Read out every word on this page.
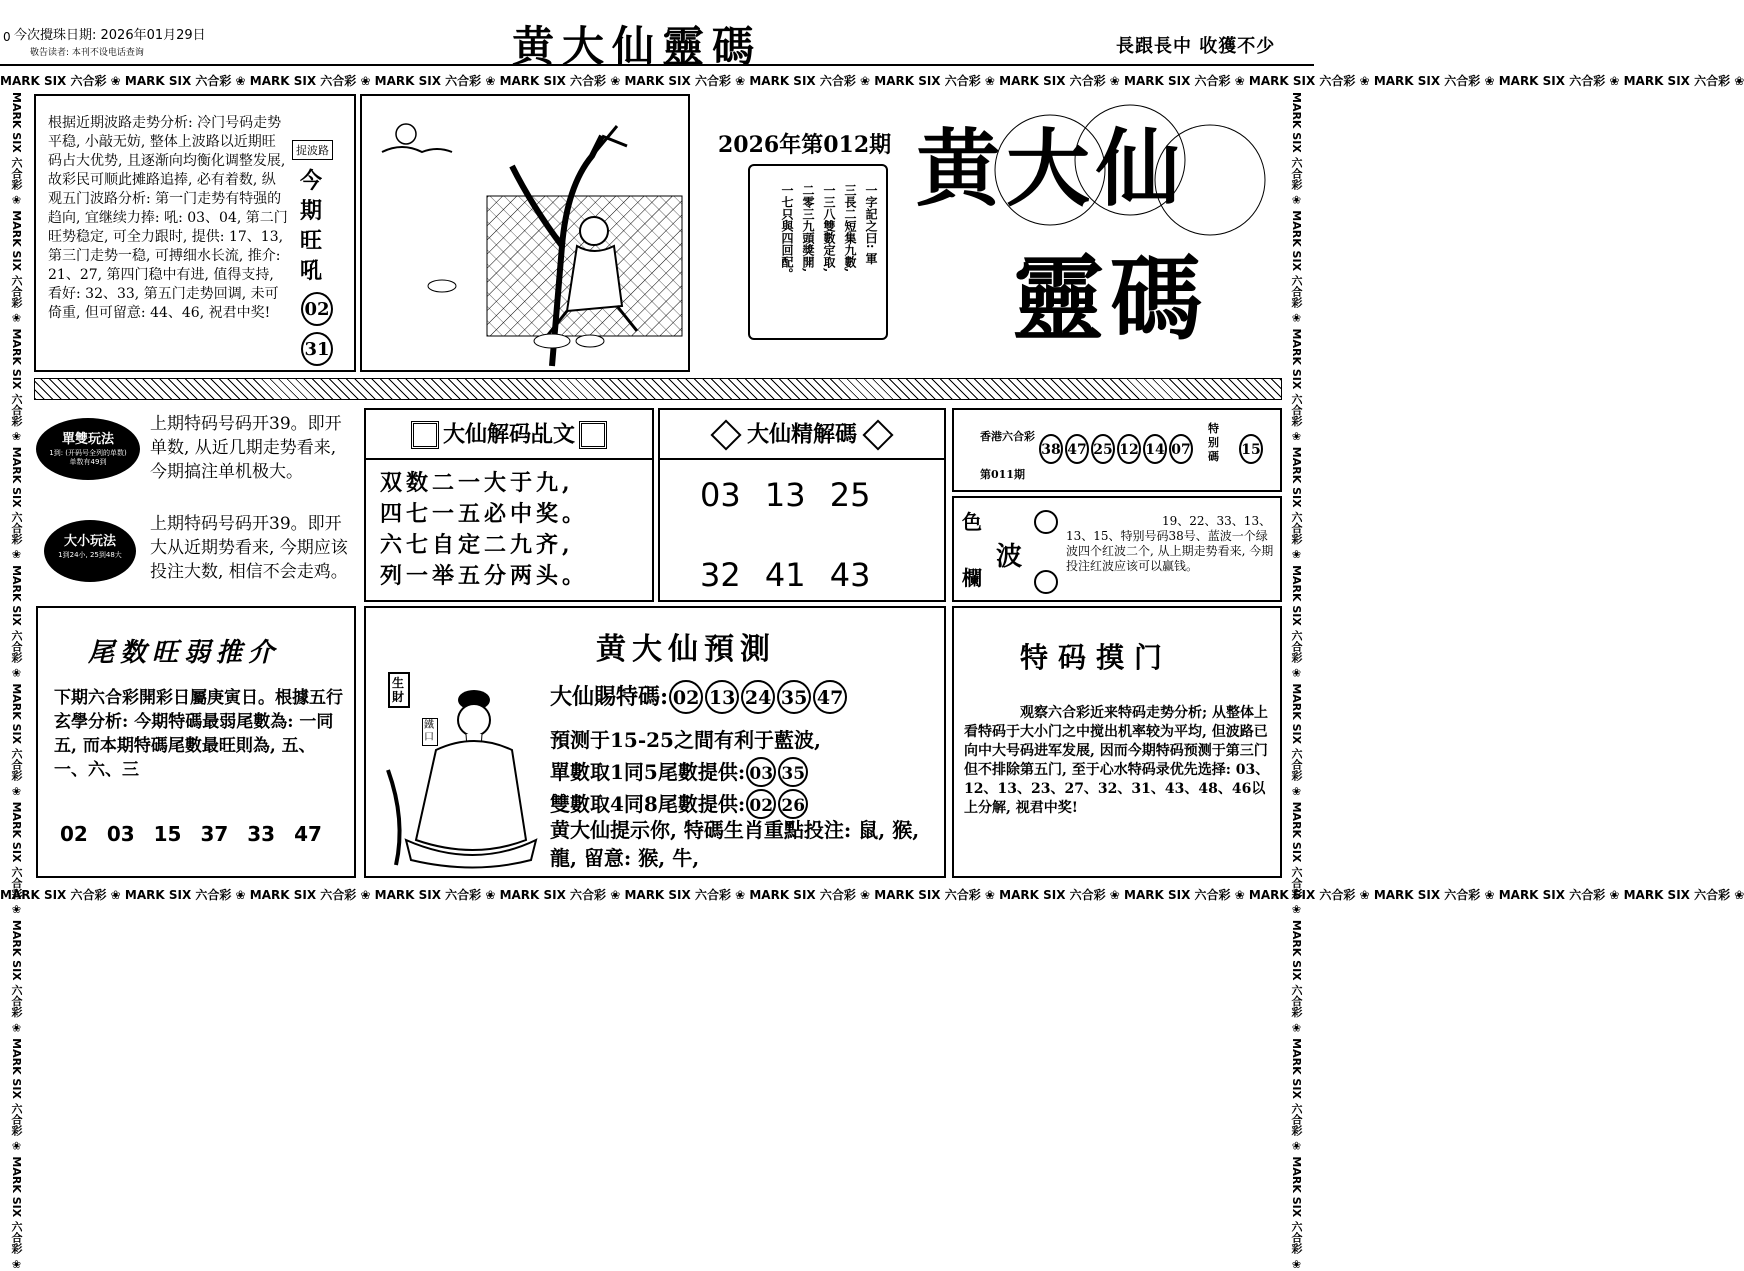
0 今次攪珠日期: 2026年01月29日
敬告读者: 本刊不设电话查询	黄大仙靈碼	長跟長中 收獲不少
MARK SIX 六合彩 ❀ MARK SIX 六合彩 ❀ MARK SIX 六合彩 ❀ MARK SIX 六合彩 ❀ MARK SIX 六合彩 ❀ MARK SIX 六合彩 ❀ MARK SIX 六合彩 ❀ MARK SIX 六合彩 ❀ MARK SIX 六合彩 ❀ MARK SIX 六合彩 ❀ MARK SIX 六合彩 ❀ MARK SIX 六合彩 ❀ MARK SIX 六合彩 ❀ MARK SIX 六合彩 ❀
MARK SIX 六合彩 ❀ MARK SIX 六合彩 ❀ MARK SIX 六合彩 ❀ MARK SIX 六合彩 ❀ MARK SIX 六合彩 ❀ MARK SIX 六合彩 ❀ MARK SIX 六合彩 ❀ MARK SIX 六合彩 ❀ MARK SIX 六合彩 ❀ MARK SIX 六合彩 ❀ MARK SIX 六合彩 ❀ MARK SIX 六合彩 ❀ MARK SIX 六合彩 ❀ MARK SIX 六合彩 ❀
MARK SIX 六合彩 ❀ MARK SIX 六合彩 ❀ MARK SIX 六合彩 ❀ MARK SIX 六合彩 ❀ MARK SIX 六合彩 ❀ MARK SIX 六合彩 ❀ MARK SIX 六合彩 ❀ MARK SIX 六合彩 ❀ MARK SIX 六合彩 ❀ MARK SIX 六合彩 ❀	MARK SIX 六合彩 ❀ MARK SIX 六合彩 ❀ MARK SIX 六合彩 ❀ MARK SIX 六合彩 ❀ MARK SIX 六合彩 ❀ MARK SIX 六合彩 ❀ MARK SIX 六合彩 ❀ MARK SIX 六合彩 ❀ MARK SIX 六合彩 ❀ MARK SIX 六合彩 ❀
根据近期波路走势分析: 冷门号码走势平稳, 小敲无妨, 整体上波路以近期旺码占大优势, 且逐渐向均衡化调整发展, 故彩民可顺此摊路追捧, 必有着数, 纵观五门波路分析: 第一门走势有特强的趋向, 宜继续力捧: 吼: 03、04, 第二门旺势稳定, 可全力跟时, 提供: 17、13, 第三门走势一稳, 可搏细水长流, 推介: 21、27, 第四门稳中有进, 值得支持, 看好: 32、33, 第五门走势回调, 未可倚重, 但可留意: 44、46, 祝君中奖!
捉波路
今
期
旺
吼
02
31
2026年第012期
一字記之曰: 軍
三長二短集九數,
一三八雙數定取,
二零三九頭獎開,
一七只與四回配。
黄大仙
靈碼
單雙玩法
1到: (开码号全列的单数) 单数有49到
上期特码号码开39。即开单数, 从近几期走势看来, 今期搞注单机极大。
大小玩法
1到24小, 25到48大
上期特码号码开39。即开大从近期势看来, 今期应该投注大数, 相信不会走鸡。
大仙解码乩文
双数二一大于九,
四七一五必中奖。
六七自定二九齐,
列一举五分两头。
大仙精解碼
03 13 25
32 41 43
香港六合彩
第011期
38 47 25 12 14 07
特别碼 15
色
波
欄
19、22、33、13、13、15、特别号码38号、蓝波一个绿波四个红波二个, 从上期走势看来, 今期投注红波应该可以赢钱。
尾数旺弱推介
下期六合彩開彩日屬庚寅日。根據五行玄學分析: 今期特碼最弱尾數為: 一同五, 而本期特碼尾數最旺則為, 五、一、六、三
02 03 15 37 33 47
黄大仙預測
生財
鐵口
大仙賜特碼: 02 13 24 35 47
預测于15-25之間有利于藍波,
單數取1同5尾數提供: 03 35
雙數取4同8尾數提供: 02 26
黄大仙提示你, 特碼生肖重點投注: 鼠, 猴, 龍, 留意: 猴, 牛,
特码摸门
观察六合彩近来特码走势分析; 从整体上看特码于大小门之中搅出机率较为平均, 但波路已向中大号码进军发展, 因而今期特码预测于第三门但不排除第五门, 至于心水特码录优先选择: 03、12、13、23、27、32、31、43、48、46以上分解, 视君中奖!
